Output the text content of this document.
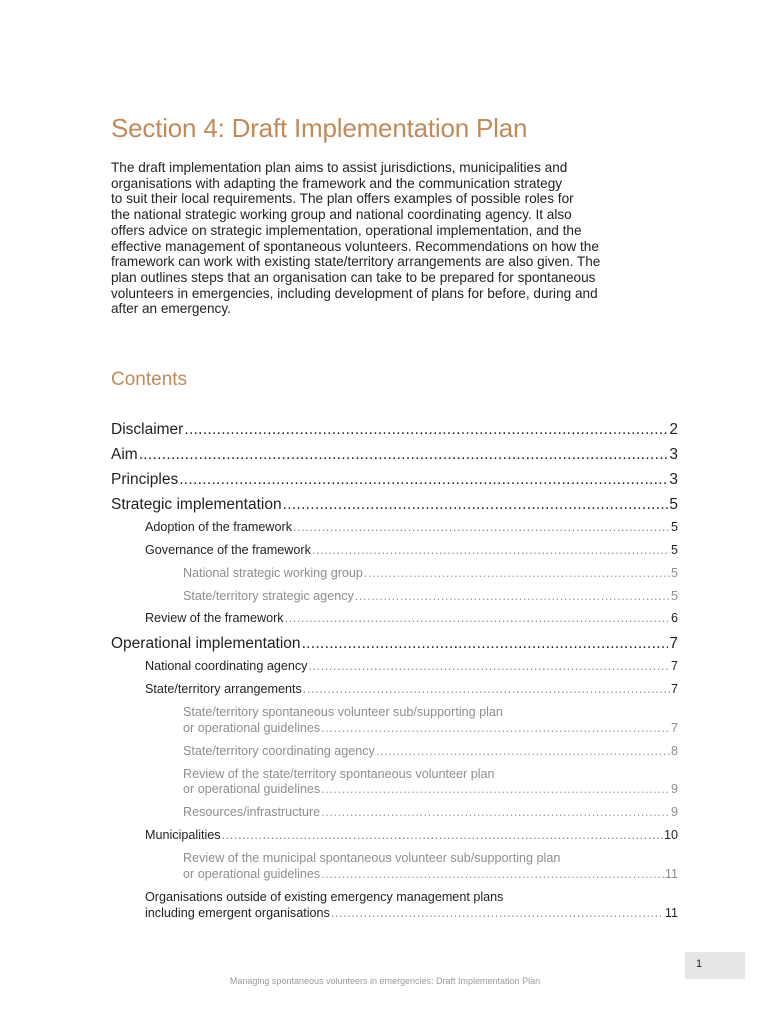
Section 4: Draft Implementation Plan

The draft implementation plan aims to assist jurisdictions, municipalities and
organisations with adapting the framework and the communication strategy
to suit their local requirements. The plan offers examples of possible roles for
the national strategic working group and national coordinating agency. It also
offers advice on strategic implementation, operational implementation, and the
effective management of spontaneous volunteers. Recommendations on how the
framework can work with existing state/territory arrangements are also given. The
plan outlines steps that an organisation can take to be prepared for spontaneous
volunteers in emergencies, including development of plans for before, during and
after an emergency.

Contents
Disclaimer .....	2
Aim .....	3
Principles .....	3
Strategic implementation .....	5
Adoption of the framework .....	5
Governance of the framework .....	5
National strategic working group .....	5
State/territory strategic agency .....	5
Review of the framework .....	6
Operational implementation .....	7
National coordinating agency .....	7
State/territory arrangements .....	7
State/territory spontaneous volunteer sub/supporting plan
or operational guidelines .....	7
State/territory coordinating agency .....	8
Review of the state/territory spontaneous volunteer plan
or operational guidelines .....	9
Resources/infrastructure .....	9
Municipalities .....	10
Review of the municipal spontaneous volunteer sub/supporting plan
or operational guidelines .....	11
Organisations outside of existing emergency management plans
including emergent organisations .....	11
1
Managing spontaneous volunteers in emergencies: Draft Implementation Plan
